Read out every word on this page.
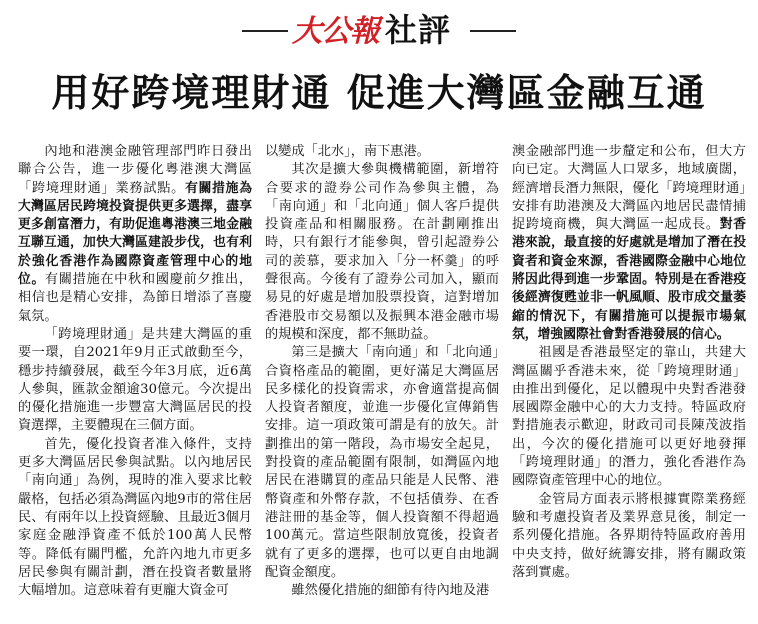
大公報 社評
用好跨境理財通 促進大灣區金融互通

內地和港澳金融管理部門昨日發出聯合公告，進一步優化粵港澳大灣區「跨境理財通」業務試點。有關措施為大灣區居民跨境投資提供更多選擇，盡享更多創富潛力，有助促進粵港澳三地金融互聯互通，加快大灣區建設步伐，也有利於強化香港作為國際資產管理中心的地位。有關措施在中秋和國慶前夕推出，相信也是精心安排，為節日增添了喜慶氣氛。

「跨境理財通」是共建大灣區的重要一環，自2021年9月正式啟動至今，穩步持續發展，截至今年3月底，近6萬人參與，匯款金額逾30億元。今次提出的優化措施進一步豐富大灣區居民的投資選擇，主要體現在三個方面。

首先，優化投資者准入條件，支持更多大灣區居民參與試點。以內地居民「南向通」為例，現時的准入要求比較嚴格，包括必須為灣區內地9市的常住居民、有兩年以上投資經驗、且最近3個月家庭金融淨資產不低於100萬人民幣等。降低有關門檻，允許內地九市更多居民參與有關計劃，潛在投資者數量將大幅增加。這意味着有更龐大資金可

以變成「北水」，南下惠港。

其次是擴大參與機構範圍，新增符合要求的證券公司作為參與主體，為「南向通」和「北向通」個人客戶提供投資產品和相關服務。在計劃剛推出時，只有銀行才能參與，曾引起證券公司的羨慕，要求加入「分一杯羹」的呼聲很高。今後有了證券公司加入，顯而易見的好處是增加股票投資，這對增加香港股市交易額以及振興本港金融市場的規模和深度，都不無助益。

第三是擴大「南向通」和「北向通」合資格產品的範圍，更好滿足大灣區居民多樣化的投資需求，亦會適當提高個人投資者額度，並進一步優化宣傳銷售安排。這一項政策可謂是有的放矢。計劃推出的第一階段，為市場安全起見，對投資的產品範圍有限制，如灣區內地居民在港購買的產品只能是人民幣、港幣資產和外幣存款，不包括債券、在香港註冊的基金等，個人投資額不得超過100萬元。當這些限制放寬後，投資者就有了更多的選擇，也可以更自由地調配資金額度。

雖然優化措施的細節有待內地及港

澳金融部門進一步釐定和公布，但大方向已定。大灣區人口眾多，地域廣闊，經濟增長潛力無限，優化「跨境理財通」安排有助港澳及大灣區內地居民盡情捕捉跨境商機，與大灣區一起成長。對香港來說，最直接的好處就是增加了潛在投資者和資金來源，香港國際金融中心地位將因此得到進一步鞏固。特別是在香港疫後經濟復甦並非一帆風順、股市成交量萎縮的情況下，有關措施可以提振市場氣氛，增強國際社會對香港發展的信心。

祖國是香港最堅定的靠山，共建大灣區關乎香港未來，從「跨境理財通」由推出到優化，足以體現中央對香港發展國際金融中心的大力支持。特區政府對措施表示歡迎，財政司司長陳茂波指出，今次的優化措施可以更好地發揮「跨境理財通」的潛力，強化香港作為國際資產管理中心的地位。

金管局方面表示將根據實際業務經驗和考慮投資者及業界意見後，制定一系列優化措施。各界期待特區政府善用中央支持，做好統籌安排，將有關政策落到實處。
